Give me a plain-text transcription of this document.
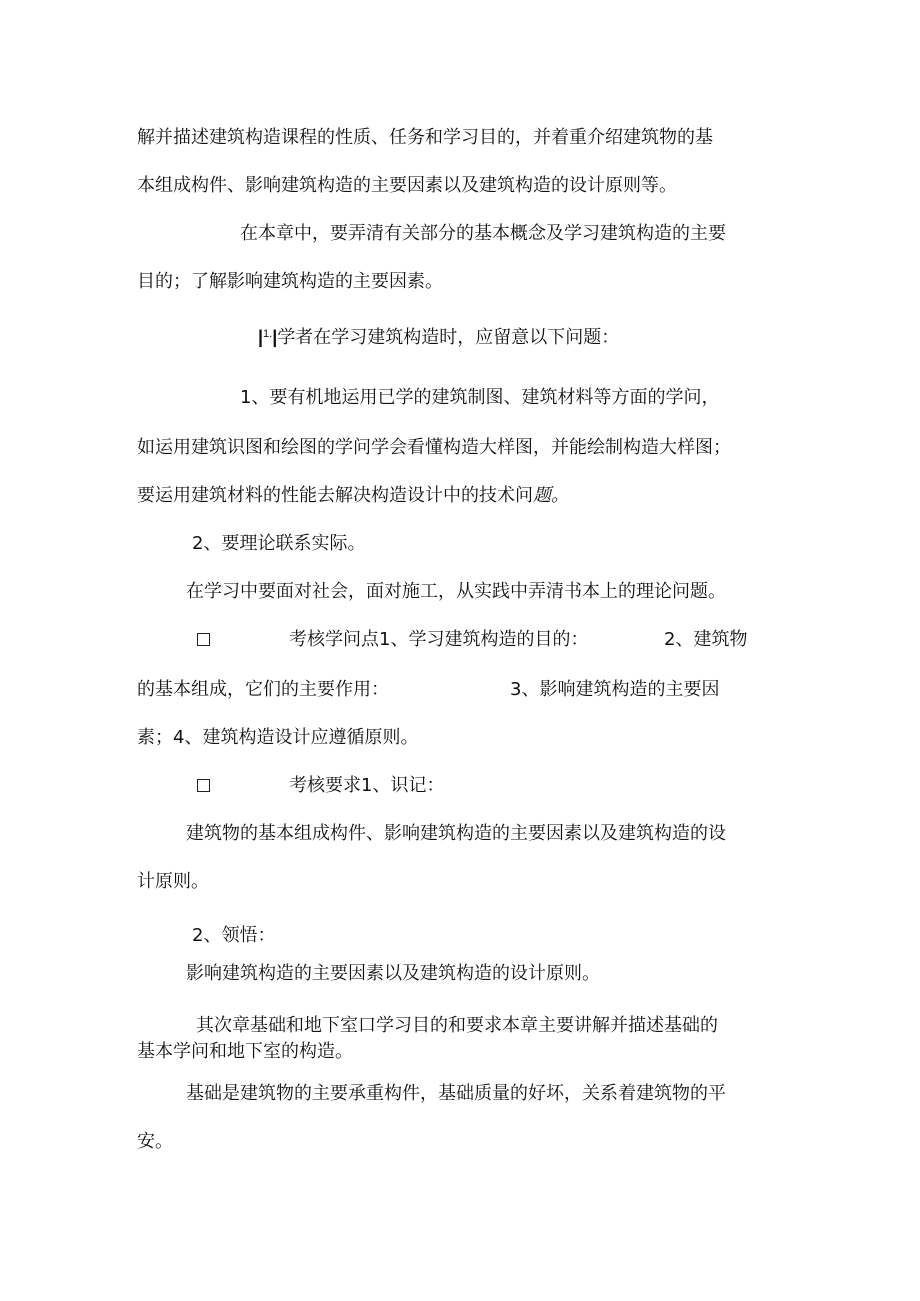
解并描述建筑构造课程的性质、任务和学习目的，并着重介绍建筑物的基

本组成构件、影响建筑构造的主要因素以及建筑构造的设计原则等。

在本章中，要弄清有关部分的基本概念及学习建筑构造的主要

目的；了解影响建筑构造的主要因素。

$|^{1.}|$学者在学习建筑构造时，应留意以下问题：

1、要有机地运用已学的建筑制图、建筑材料等方面的学问，

如运用建筑识图和绘图的学问学会看懂构造大样图，并能绘制构造大样图；

要运用建筑材料的性能去解决构造设计中的技术问题。

2、要理论联系实际。

在学习中要面对社会，面对施工，从实践中弄清书本上的理论问题。

考核学问点1、学习建筑构造的目的：	2、建筑物

的基本组成，它们的主要作用：	3、影响建筑构造的主要因

素；4、建筑构造设计应遵循原则。

考核要求1、识记：

建筑物的基本组成构件、影响建筑构造的主要因素以及建筑构造的设

计原则。

2、领悟：

影响建筑构造的主要因素以及建筑构造的设计原则。

其次章基础和地下室口学习目的和要求本章主要讲解并描述基础的

基本学问和地下室的构造。

基础是建筑物的主要承重构件，基础质量的好坏，关系着建筑物的平

安。
